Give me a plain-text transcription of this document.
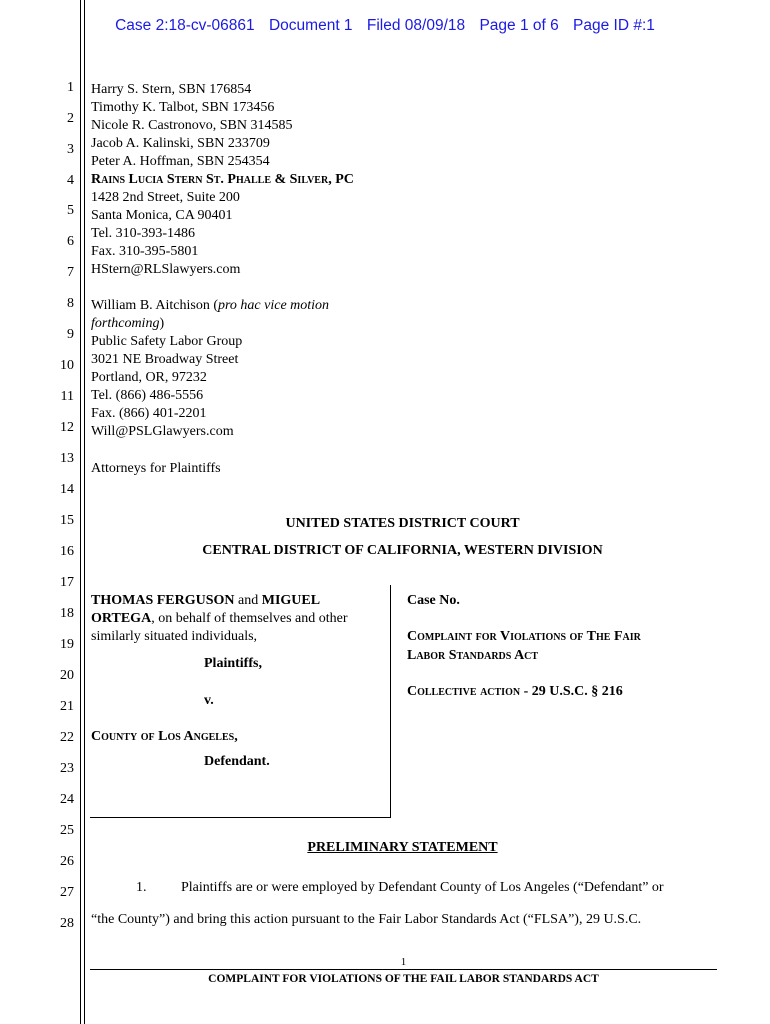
Case 2:18-cv-06861 Document 1 Filed 08/09/18 Page 1 of 6 Page ID #:1
1
2
3
4
5
6
7
8
9
10
11
12
13
14
15
16
17
18
19
20
21
22
23
24
25
26
27
28
Harry S. Stern, SBN 176854
Timothy K. Talbot, SBN 173456
Nicole R. Castronovo, SBN 314585
Jacob A. Kalinski, SBN 233709
Peter A. Hoffman, SBN 254354
Rains Lucia Stern St. Phalle & Silver, PC
1428 2nd Street, Suite 200
Santa Monica, CA 90401
Tel. 310-393-1486
Fax. 310-395-5801
HStern@RLSlawyers.com
William B. Aitchison (pro hac vice motion
forthcoming)
Public Safety Labor Group
3021 NE Broadway Street
Portland, OR, 97232
Tel. (866) 486-5556
Fax. (866) 401-2201
Will@PSLGlawyers.com
Attorneys for Plaintiffs
UNITED STATES DISTRICT COURT
CENTRAL DISTRICT OF CALIFORNIA, WESTERN DIVISION
THOMAS FERGUSON and MIGUEL
ORTEGA, on behalf of themselves and other
similarly situated individuals,
Plaintiffs,
v.
County of Los Angeles,
Defendant.
Case No.
Complaint for Violations of The Fair
Labor Standards Act
Collective action - 29 U.S.C. § 216
PRELIMINARY STATEMENT
1. Plaintiffs are or were employed by Defendant County of Los Angeles (“Defendant” or
“the County”) and bring this action pursuant to the Fair Labor Standards Act (“FLSA”), 29 U.S.C.
1
COMPLAINT FOR VIOLATIONS OF THE FAIL LABOR STANDARDS ACT
